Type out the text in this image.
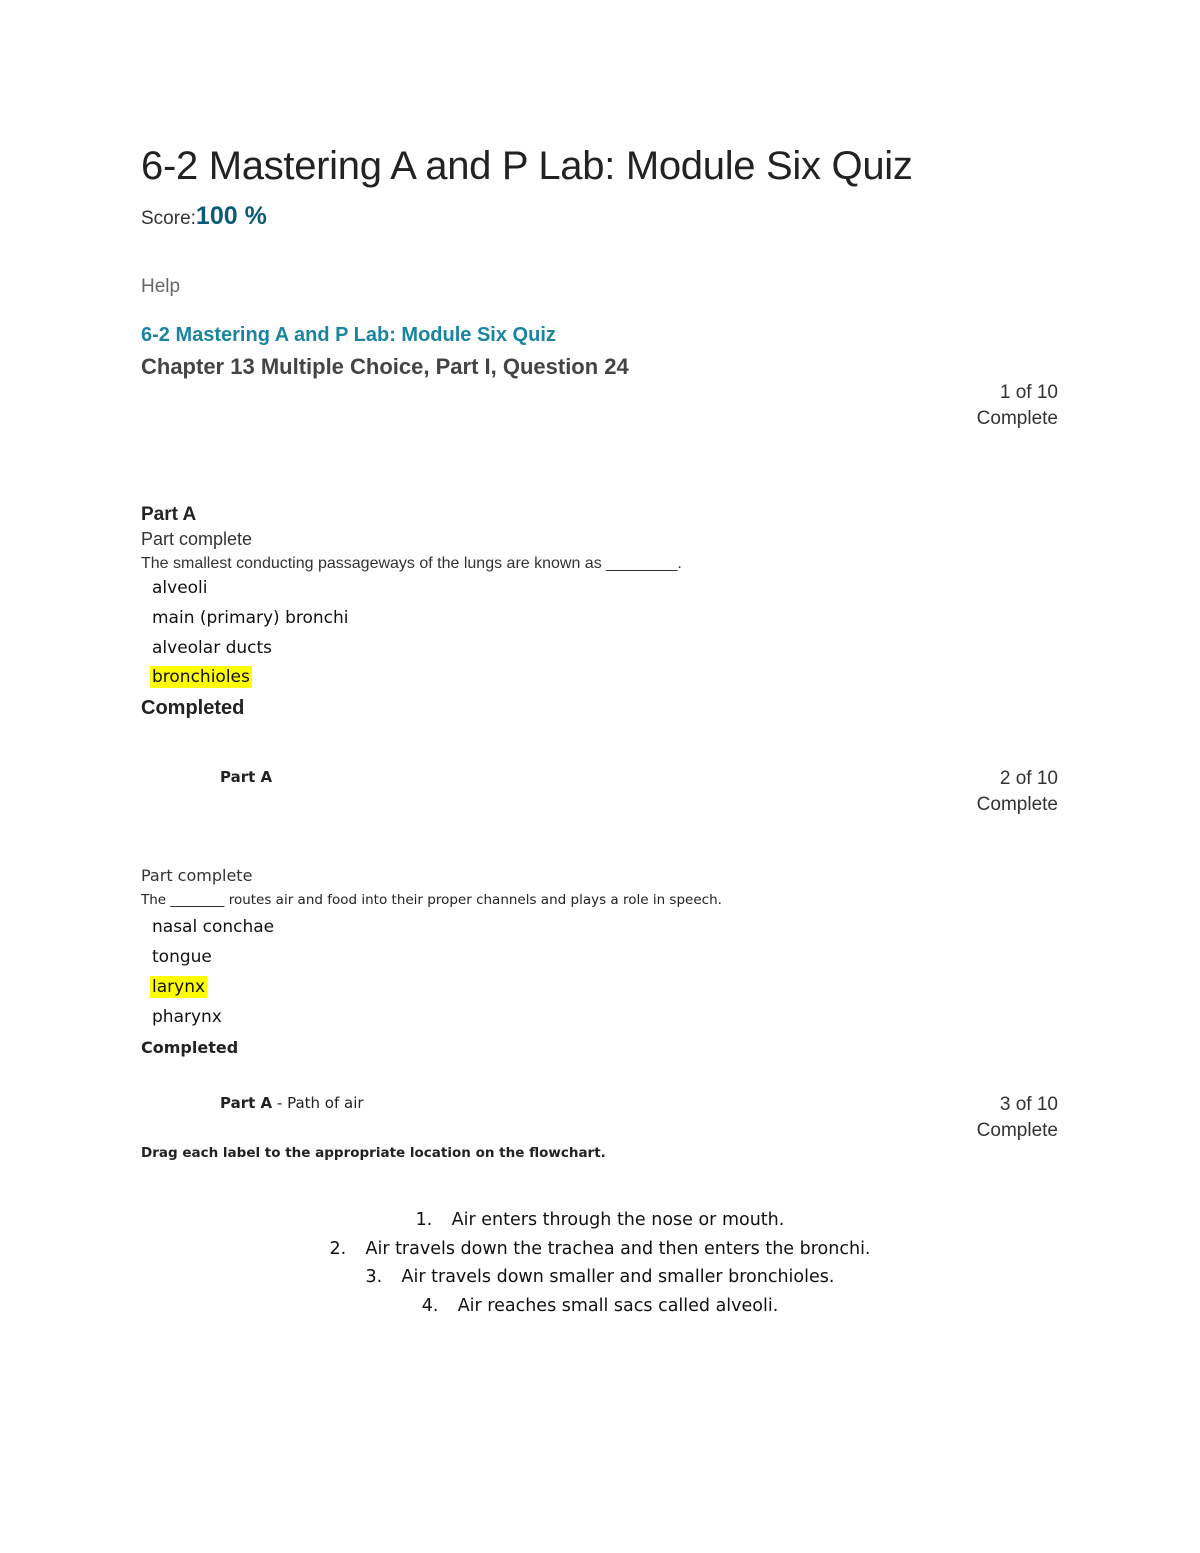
6-2 Mastering A and P Lab: Module Six Quiz
Score:100 %
Help
6-2 Mastering A and P Lab: Module Six Quiz
Chapter 13 Multiple Choice, Part I, Question 24
1 of 10
Complete
Part A
Part complete
The smallest conducting passageways of the lungs are known as ________.
alveoli
main (primary) bronchi
alveolar ducts
bronchioles
Completed
Part A	2 of 10
Complete
Part complete
The ________ routes air and food into their proper channels and plays a role in speech.
nasal conchae
tongue
larynx
pharynx
Completed
Part A - Path of air	3 of 10
Complete
Drag each label to the appropriate location on the flowchart.
1. Air enters through the nose or mouth.
2. Air travels down the trachea and then enters the bronchi.
3. Air travels down smaller and smaller bronchioles.
4. Air reaches small sacs called alveoli.
